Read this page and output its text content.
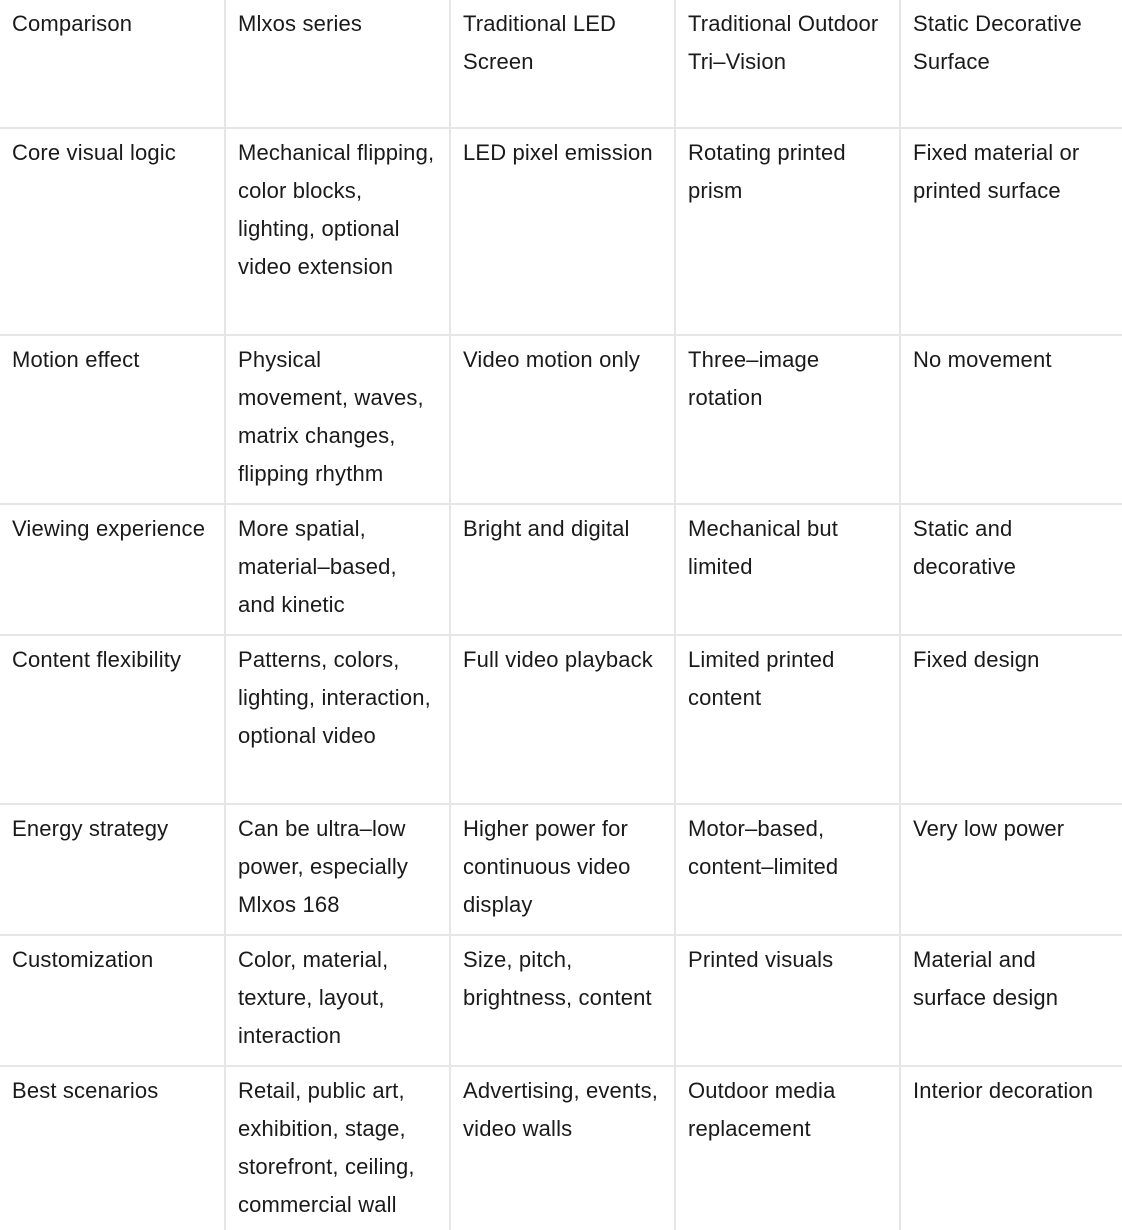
Comparison	Mlxos series	Traditional LED Screen	Traditional Outdoor Tri–Vision	Static Decorative Surface
Core visual logic	Mechanical flipping, color blocks, lighting, optional video extension	LED pixel emission	Rotating printed prism	Fixed material or printed surface
Motion effect	Physical movement, waves, matrix changes, flipping rhythm	Video motion only	Three–image rotation	No movement
Viewing experience	More spatial, material–based, and kinetic	Bright and digital	Mechanical but limited	Static and decorative
Content flexibility	Patterns, colors, lighting, interaction, optional video	Full video playback	Limited printed content	Fixed design
Energy strategy	Can be ultra–low power, especially Mlxos 168	Higher power for continuous video display	Motor–based, content–limited	Very low power
Customization	Color, material, texture, layout, interaction	Size, pitch, brightness, content	Printed visuals	Material and surface design
Best scenarios	Retail, public art, exhibition, stage, storefront, ceiling, commercial wall	Advertising, events, video walls	Outdoor media replacement	Interior decoration
